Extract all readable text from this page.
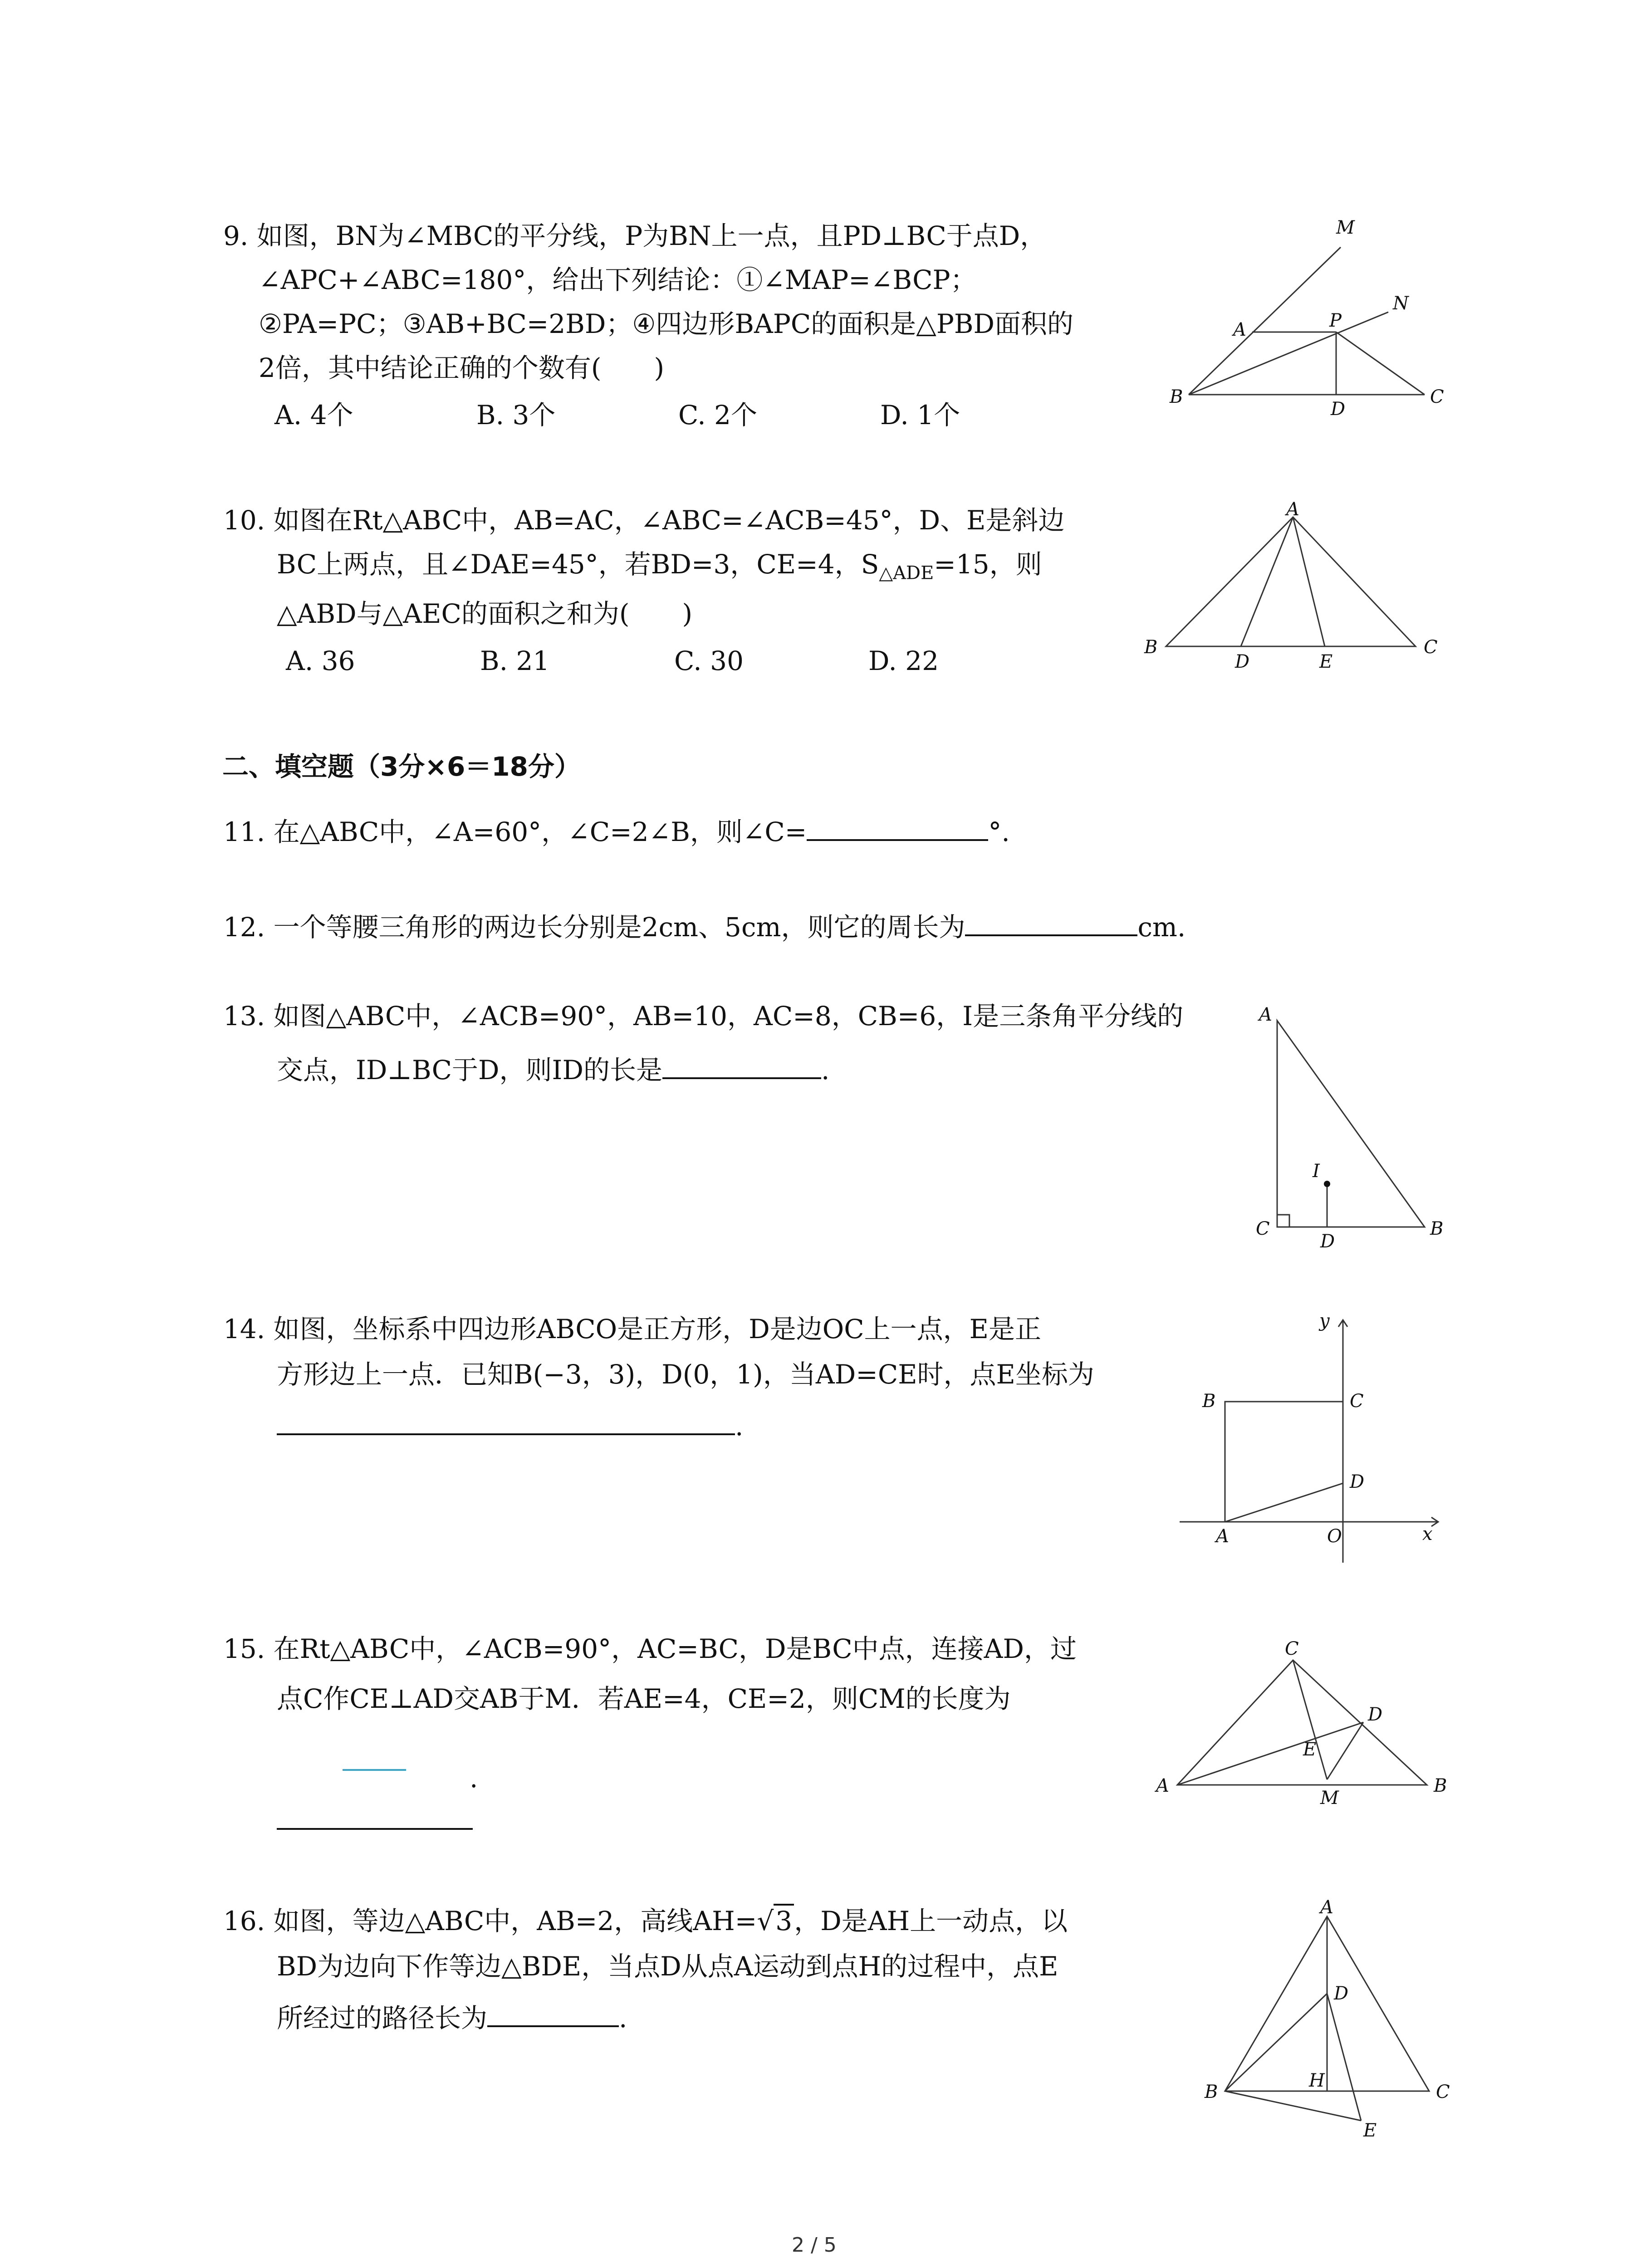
9. 如图，BN为∠MBC的平分线，P为BN上一点，且PD⊥BC于点D，
∠APC+∠ABC=180°，给出下列结论：①∠MAP=∠BCP；
②PA=PC；③AB+BC=2BD；④四边形BAPC的面积是△PBD面积的
2倍，其中结论正确的个数有(　　)
A. 4个	B. 3个	C. 2个	D. 1个
M
N
A	P
B
D
C
10. 如图在Rt△ABC中，AB=AC，∠ABC=∠ACB=45°，D、E是斜边
BC上两点，且∠DAE=45°，若BD=3，CE=4，$S_{\triangle ADE}=15$，则
△ABD与△AEC的面积之和为(　　)
A. 36	B. 21	C. 30	D. 22
A
B
D	E
C
二、填空题（3分×6＝18分）
11. 在△ABC中，∠A=60°，∠C=2∠B，则∠C=	°.
12. 一个等腰三角形的两边长分别是2cm、5cm，则它的周长为	cm.
13. 如图△ABC中，∠ACB=90°，AB=10，AC=8，CB=6，I是三条角平分线的
交点，ID⊥BC于D，则ID的长是	.
A
I
C
D
B
14. 如图，坐标系中四边形ABCO是正方形，D是边OC上一点，E是正
方形边上一点．已知B(−3，3)，D(0，1)，当AD=CE时，点E坐标为
.
y
B	C
D
A	O	x
15. 在Rt△ABC中，∠ACB=90°，AC=BC，D是BC中点，连接AD，过
点C作CE⊥AD交AB于M．若AE=4，CE=2，则CM的长度为
.
C
D
E
A
M
B
16. 如图，等边△ABC中，AB=2，高线AH=√3，D是AH上一动点，以
BD为边向下作等边△BDE，当点D从点A运动到点H的过程中，点E
所经过的路径长为	.
A
D
B
H
C
E
2 / 5
